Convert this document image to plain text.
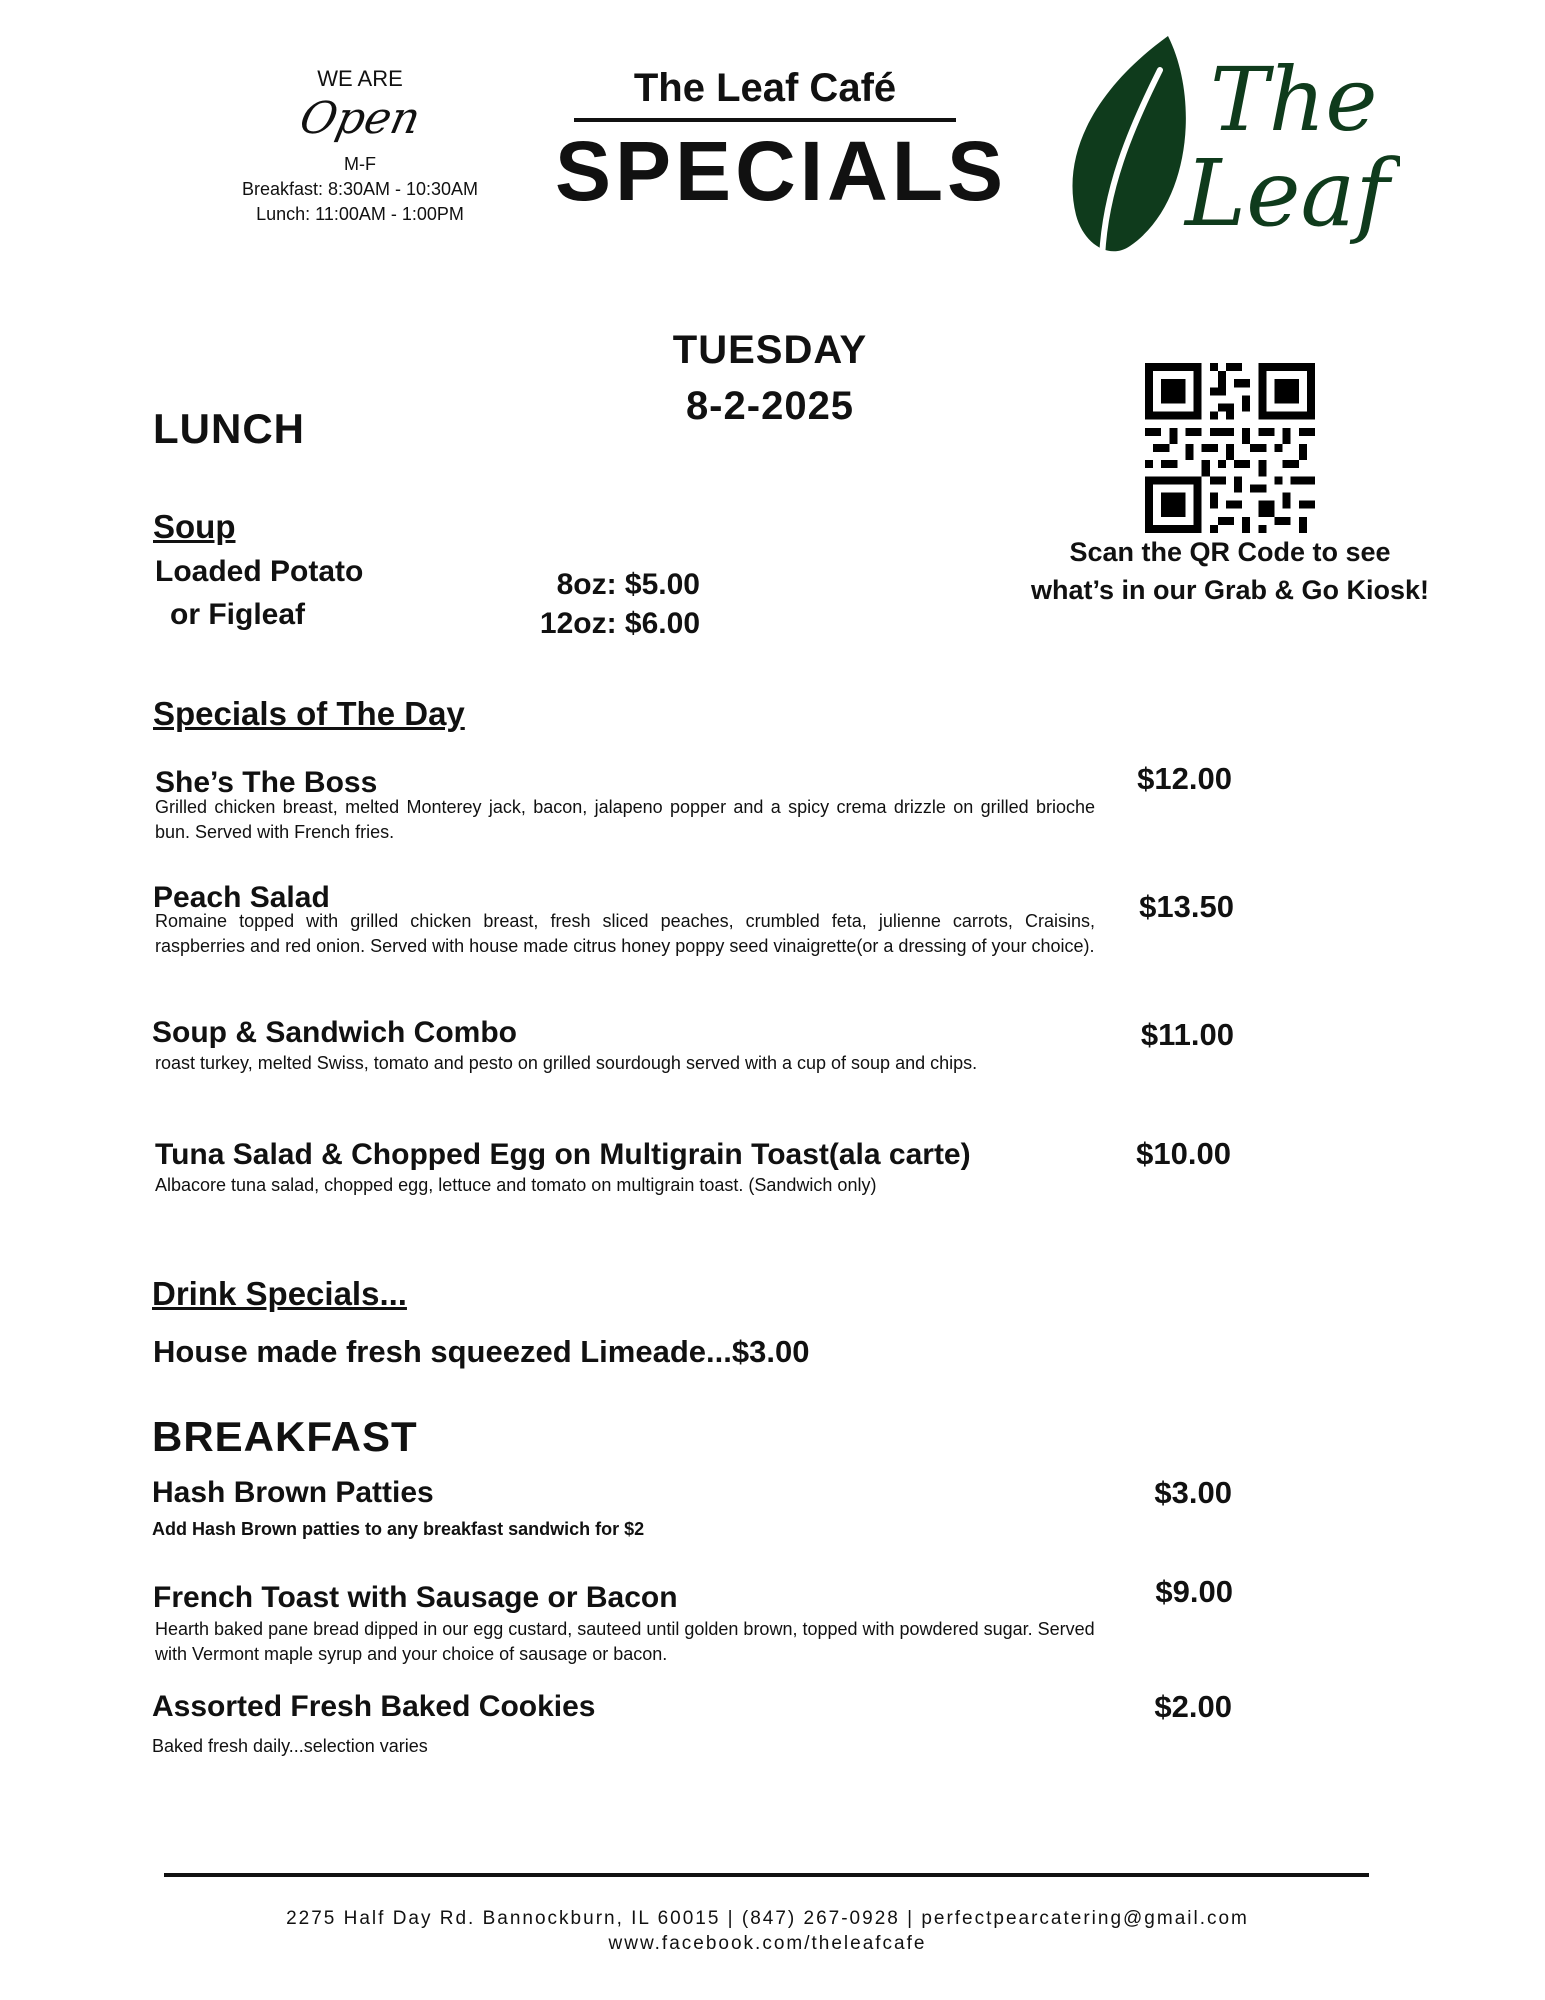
WE ARE
Open
M-F
Breakfast: 8:30AM - 10:30AM
Lunch: 11:00AM - 1:00PM
The Leaf Café
SPECIALS
The
Leaf
TUESDAY
8-2-2025
Scan the QR Code to see
what’s in our Grab & Go Kiosk!
LUNCH
Soup
Loaded Potato
or Figleaf
8oz: $5.00
12oz: $6.00
Specials of The Day
She’s The Boss
Grilled chicken breast, melted Monterey jack, bacon, jalapeno popper and a spicy crema drizzle on grilled brioche bun. Served with French fries.
$12.00
Peach Salad
Romaine topped with grilled chicken breast, fresh sliced peaches, crumbled feta, julienne carrots, Craisins, raspberries and red onion. Served with house made citrus honey poppy seed vinaigrette(or a dressing of your choice).
$13.50
Soup & Sandwich Combo
roast turkey, melted Swiss, tomato and pesto on grilled sourdough served with a cup of soup and chips.
$11.00
Tuna Salad & Chopped Egg on Multigrain Toast(ala carte)
Albacore tuna salad, chopped egg, lettuce and tomato on multigrain toast. (Sandwich only)
$10.00
Drink Specials...
House made fresh squeezed Limeade...$3.00
BREAKFAST
Hash Brown Patties
Add Hash Brown patties to any breakfast sandwich for $2
$3.00
French Toast with Sausage or Bacon
Hearth baked pane bread dipped in our egg custard, sauteed until golden brown, topped with powdered sugar. Served with Vermont maple syrup and your choice of sausage or bacon.
$9.00
Assorted Fresh Baked Cookies
Baked fresh daily...selection varies
$2.00
2275 Half Day Rd. Bannockburn, IL 60015 | (847) 267-0928 | perfectpearcatering@gmail.com
www.facebook.com/theleafcafe
